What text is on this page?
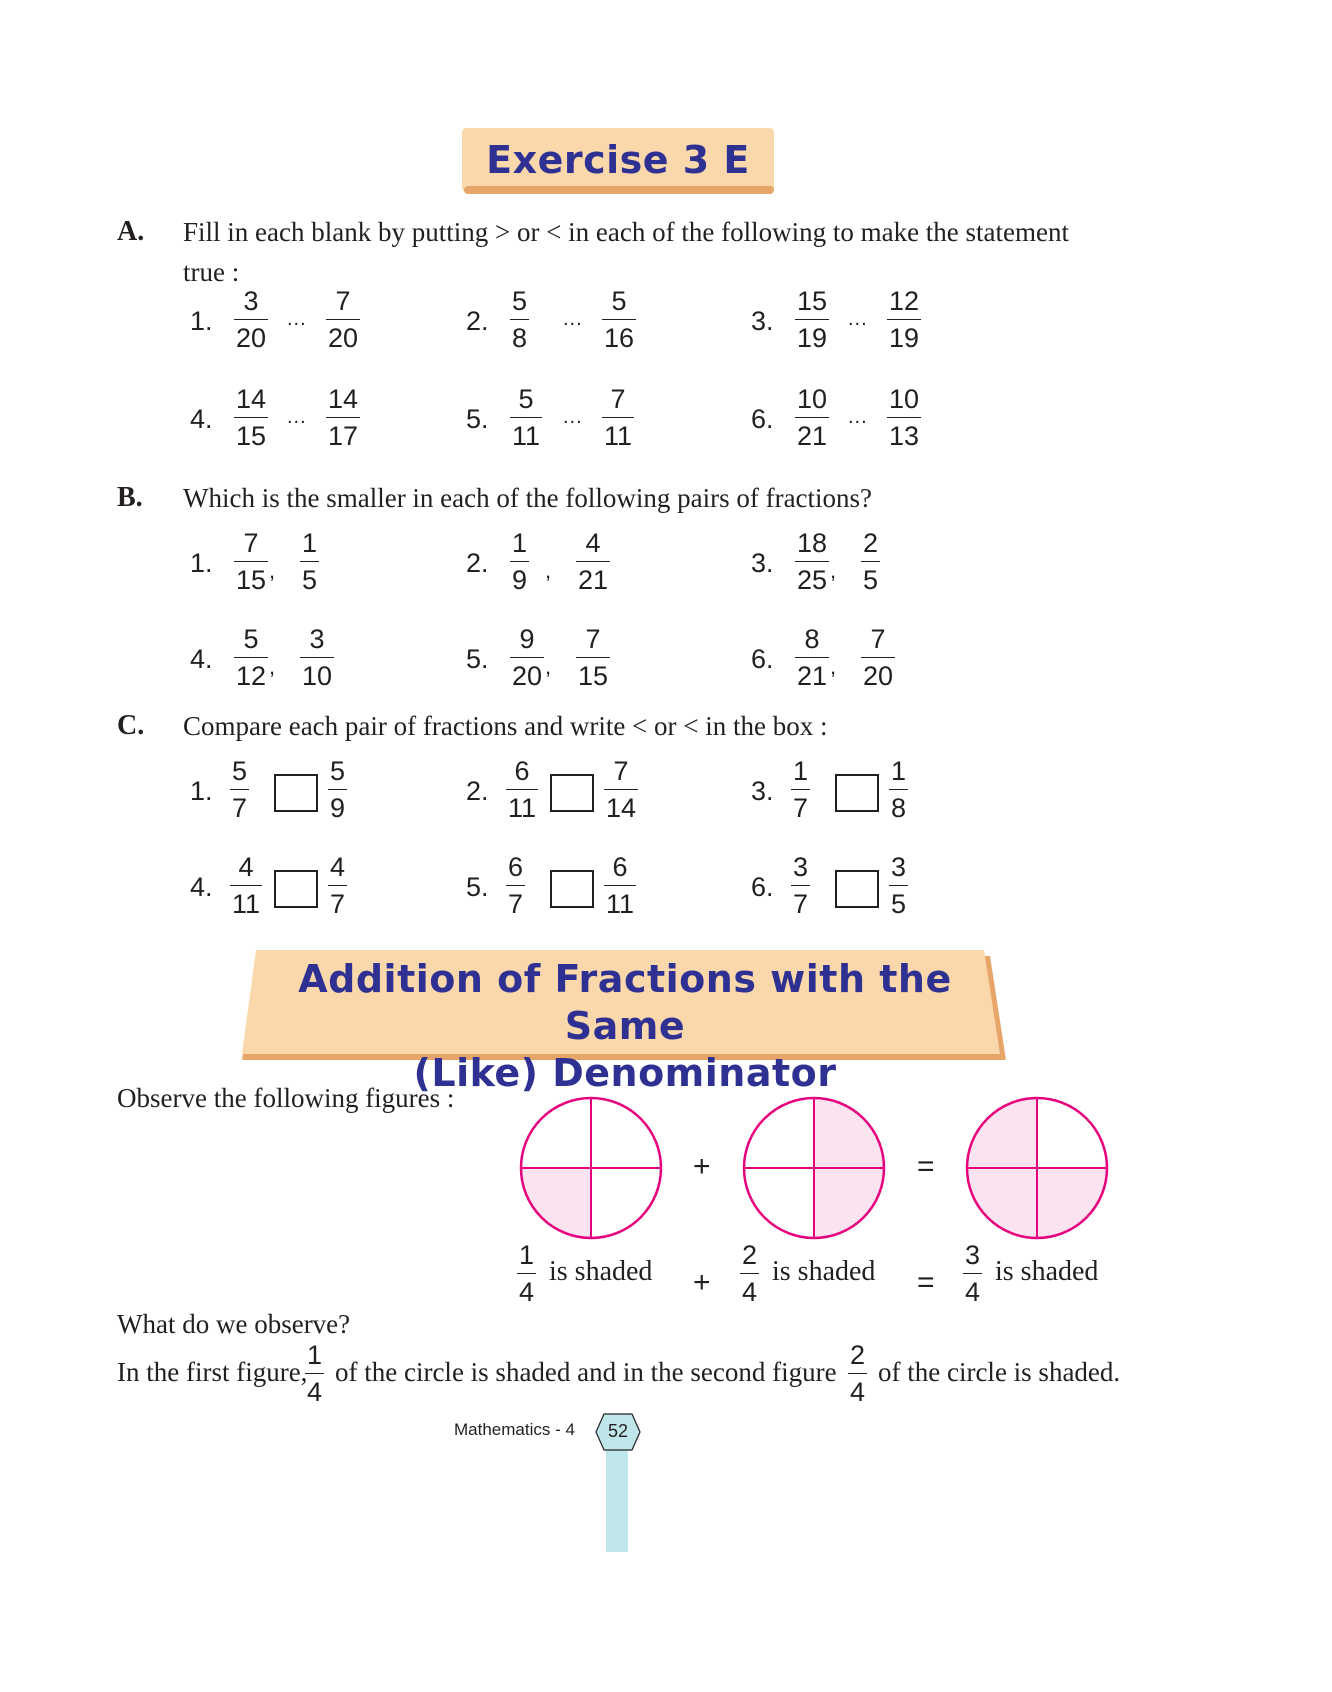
Exercise 3 E
A. Fill in each blank by putting > or < in each of the following to make the statement
true :
1.
3
20
...
7
20
2.
5
8
...
5
16
3.
15
19
...
12
19
4.
14
15
...
14
17
5.
5
11
...
7
11
6.
10
21
...
10
13
B. Which is the smaller in each of the following pairs of fractions?
1.
7
15 ,
1
5
2.
1
9 ,
4
21
3.
18
25 ,
2
5
4.
5
12 ,
3
10
5.
9
20 ,
7
15
6.
8
21 ,
7
20
C. Compare each pair of fractions and write < or < in the box :
1.
5
7
5
9
2.
6
11
7
14
3.
1
7
1
8
4.
4
11
4
7
5.
6
7
6
11
6.
3
7
3
5
Addition of Fractions with the Same
(Like) Denominator
Observe the following figures :
+	=
1
4
is shaded +
2
4
is shaded =
3
4
is shaded
What do we observe?
In the first figure,
1
4
of the circle is shaded and in the second figure
2
4
of the circle is shaded.
Mathematics - 4	52
